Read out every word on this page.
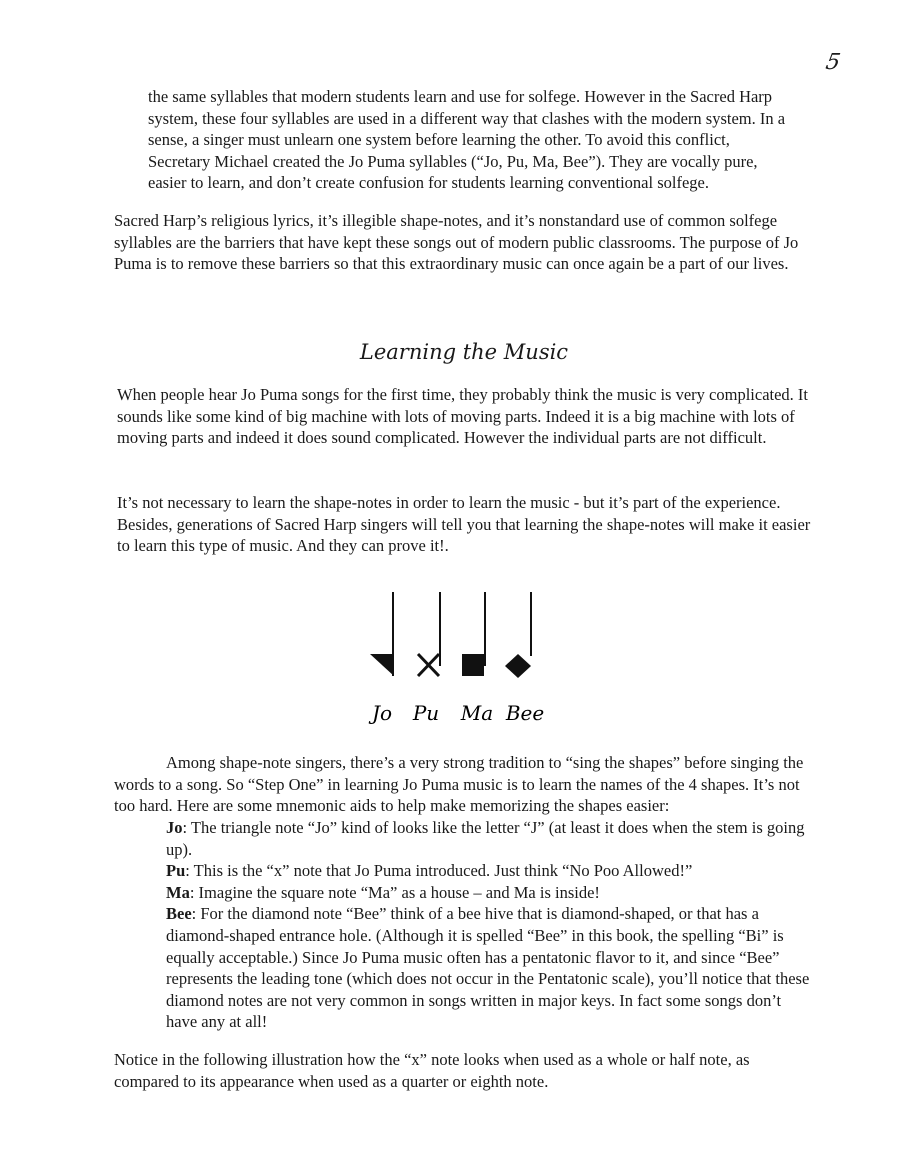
5

the same syllables that modern students learn and use for solfege. However in the Sacred Harp system, these four syllables are used in a different way that clashes with the modern system. In a sense, a singer must unlearn one system before learning the other. To avoid this conflict, Secretary Michael created the Jo Puma syllables (“Jo, Pu, Ma, Bee”). They are vocally pure, easier to learn, and don’t create confusion for students learning conventional solfege.

Sacred Harp’s religious lyrics, it’s illegible shape-notes, and it’s nonstandard use of common solfege syllables are the barriers that have kept these songs out of modern public classrooms. The purpose of Jo Puma is to remove these barriers so that this extraordinary music can once again be a part of our lives.

Learning the Music

When people hear Jo Puma songs for the first time, they probably think the music is very complicated. It sounds like some kind of big machine with lots of moving parts. Indeed it is a big machine with lots of moving parts and indeed it does sound complicated. However the individual parts are not difficult.

It’s not necessary to learn the shape-notes in order to learn the music - but it’s part of the experience. Besides, generations of Sacred Harp singers will tell you that learning the shape-notes will make it easier to learn this type of music. And they can prove it!.

Jo Pu Ma Bee

Among shape-note singers, there’s a very strong tradition to “sing the shapes” before singing the words to a song. So “Step One” in learning Jo Puma music is to learn the names of the 4 shapes. It’s not too hard. Here are some mnemonic aids to help make memorizing the shapes easier:

Jo: The triangle note “Jo” kind of looks like the letter “J” (at least it does when the stem is going up).
Pu: This is the “x” note that Jo Puma introduced. Just think “No Poo Allowed!”
Ma: Imagine the square note “Ma” as a house – and Ma is inside!
Bee: For the diamond note “Bee” think of a bee hive that is diamond-shaped, or that has a diamond-shaped entrance hole. (Although it is spelled “Bee” in this book, the spelling “Bi” is equally acceptable.) Since Jo Puma music often has a pentatonic flavor to it, and since “Bee” represents the leading tone (which does not occur in the Pentatonic scale), you’ll notice that these diamond notes are not very common in songs written in major keys. In fact some songs don’t have any at all!

Notice in the following illustration how the “x” note looks when used as a whole or half note, as compared to its appearance when used as a quarter or eighth note.
